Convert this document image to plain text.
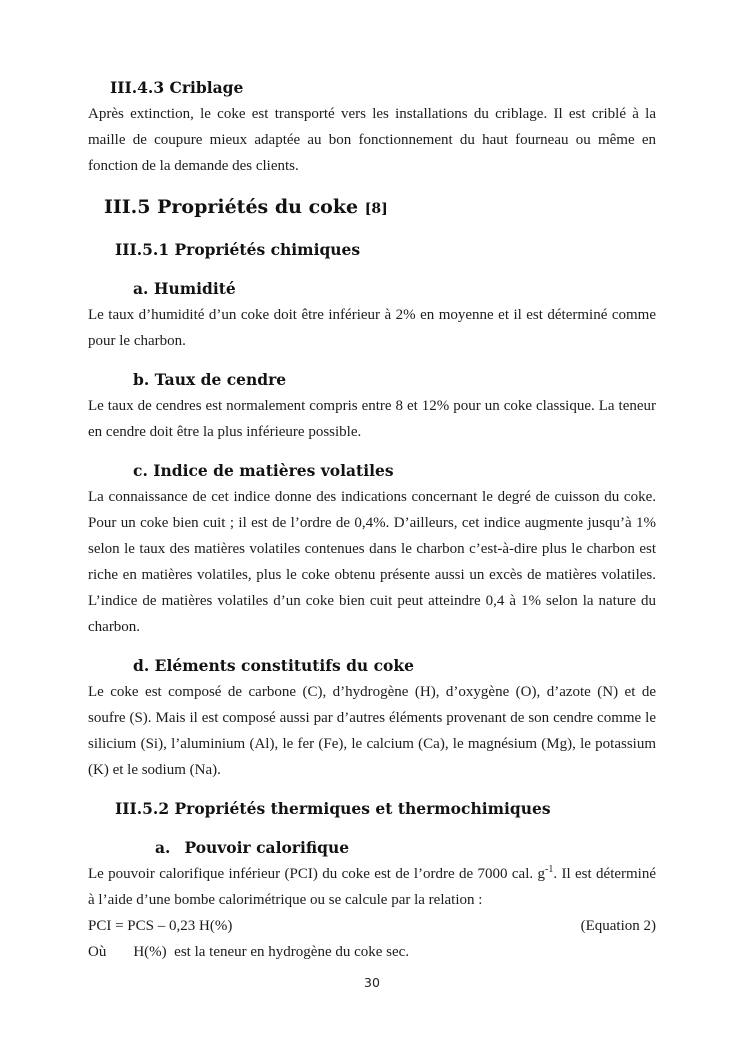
III.4.3 Criblage

Après extinction, le coke est transporté vers les installations du criblage. Il est criblé à la maille de coupure mieux adaptée au bon fonctionnement du haut fourneau ou même en fonction de la demande des clients.

III.5 Propriétés du coke [8]
III.5.1 Propriétés chimiques
a. Humidité

Le taux d’humidité d’un coke doit être inférieur à 2% en moyenne et il est déterminé comme pour le charbon.

b. Taux de cendre

Le taux de cendres est normalement compris entre 8 et 12% pour un coke classique. La teneur en cendre doit être la plus inférieure possible.

c. Indice de matières volatiles

La connaissance de cet indice donne des indications concernant le degré de cuisson du coke. Pour un coke bien cuit ; il est de l’ordre de 0,4%. D’ailleurs, cet indice augmente jusqu’à 1% selon le taux des matières volatiles contenues dans le charbon c’est-à-dire plus le charbon est riche en matières volatiles, plus le coke obtenu présente aussi un excès de matières volatiles. L’indice de matières volatiles d’un coke bien cuit peut atteindre 0,4 à 1% selon la nature du charbon.

d. Eléments constitutifs du coke

Le coke est composé de carbone (C), d’hydrogène (H), d’oxygène (O), d’azote (N) et de soufre (S). Mais il est composé aussi par d’autres éléments provenant de son cendre comme le silicium (Si), l’aluminium (Al), le fer (Fe), le calcium (Ca), le magnésium (Mg), le potassium (K) et le sodium (Na).

III.5.2 Propriétés thermiques et thermochimiques
a. Pouvoir calorifique

Le pouvoir calorifique inférieur (PCI) du coke est de l’ordre de 7000 cal. $g^{-1}$. Il est déterminé à l’aide d’une bombe calorimétrique ou se calcule par la relation :

PCI = PCS – 0,23 H(%)	(Equation 2)
Où H(%)  est la teneur en hydrogène du coke sec.
30
